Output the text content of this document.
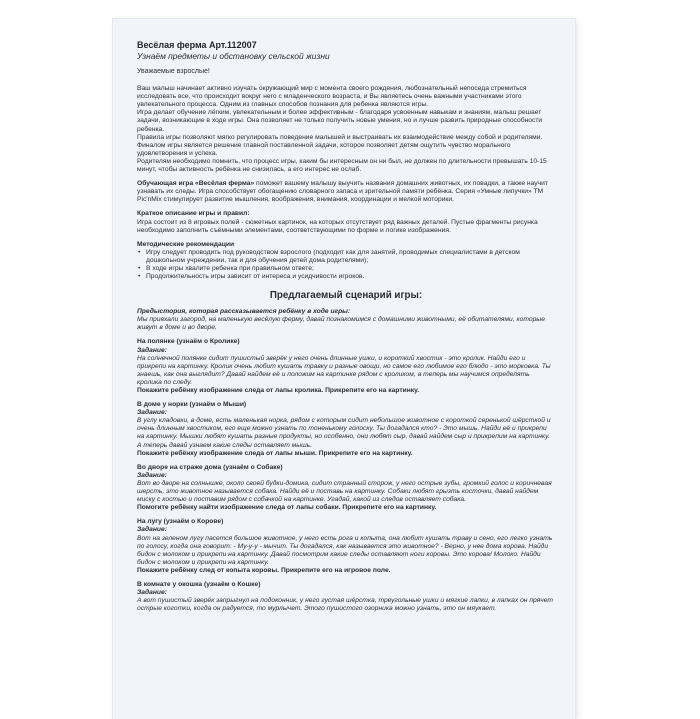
Весёлая ферма Арт.112007

Узнаём предметы и обстановку сельской жизни

Уважаемые взрослые!

Ваш малыш начинает активно изучать окружающий мир с момента своего рождения, любознательный непоседа стремиться исследовать все, что происходит вокруг него с младенческого возраста, и Вы являетесь очень важными участниками этого увлекательного процесса. Одним из главных способов познания для ребенка являются игры.

Игра делает обучение лёгким, увлекательным и более эффективным - благодаря усвоенным навыкам и знаниям, малыш решает задачи, возникающие в ходе игры. Она позволяет не только получить новые умения, но и лучше развить природные способности ребенка.

Правила игры позволяют мягко регулировать поведение малышей и выстраивать их взаимодействие между собой и родителями. Финалом игры является решение главной поставленной задачи, которое позволяет детям ощутить чувство морального удовлетворения и успеха.

Родителям необходимо помнить, что процесс игры, каким бы интересным он ни был, не должен по длительности превышать 10-15 минут, чтобы активность ребёнка не снизилась, а его интерес не ослаб.

Обучающая игра «Весёлая ферма» поможет вашему малышу выучить названия домашних животных, их повадки, а также научит узнавать их следы. Игра способствует обогащению словарного запаса и зрительной памяти ребёнка. Серия «Умные липучки» ТМ Pic'nMix стимулирует развитие мышления, воображения, внимания, координации и мелкой моторики.

Краткое описание игры и правил:

Игра состоит из 8 игровых полей - сюжетных картинок, на которых отсутствует ряд важных деталей. Пустые фрагменты рисунка необходимо заполнить съёмными элементами, соответствующими по форме и логике изображения.

Методические рекомендации

• Игру следует проводить под руководством взрослого (подходит как для занятий, проводимых специалистами в детском дошкольном учреждении, так и для обучения детей дома родителями);
• В ходе игры хвалите ребенка при правильном ответе;
• Продолжительность игры зависит от интереса и усидчивости игроков.

Предлагаемый сценарий игры:

Предыстория, которая рассказывается ребёнку в ходе игры:

Мы приехали загород, на маленькую весёлую ферму, давай познакомимся с домашними животными, её обитателями, которые живут в доме и во дворе.

На полянке (узнаём о Кролике)

Задание:

На солнечной полянке сидит пушистый зверёк у него очень длинные ушки, и короткий хвостик - это кролик. Найди его и прикрепи на картинку. Кролик очень любит кушать травку и разные овощи, но самое его любимое его блюдо - это морковка. Ты знаешь, как она выглядит? Давай найдем её и положим на картинке рядом с кроликом, а теперь мы научимся определять кролика по следу.

Покажите ребёнку изображение следа от лапы кролика. Прикрепите его на картинку.

В доме у норки (узнаём о Мыши)

Задание:

В углу кладовки, в доме, есть маленькая норка, рядом с которым сидит небольшое животное с короткой серенькой шёрсткой и очень длинным хвостиком, его еще можно узнать по тоненькому голоску. Ты догадался кто? - Это мышь. Найди её и прикрепи на картинку. Мышки любят кушать разные продукты, но особенно, они любят сыр, давай найдем сыр и прикрепим на картинку. А теперь давай узнаем какие следы оставляет мышь.

Покажите ребёнку изображение следа от лапы мыши. Прикрепите его на картинку.

Во дворе на страже дома (узнаём о Собаке)

Задание:

Вот во дворе на солнышке, около своей будки-домика, сидит странный сторож, у него острые зубы, громкий голос и коричневая шерсть, это животное называется собака. Найди её и поставь на картинку. Собаки любят грызть косточки, давай найдем миску с костью и поставим рядом с собачкой на картинке. Угадай, какой из следов оставляет собака.

Помогите ребёнку найти изображение следа от лапы собаки. Прикрепите его на картинку.

На лугу (узнаём о Корове)

Задание:

Вот на зеленом лугу пасется большое животное, у него есть рога и копыта, она любит кушать траву и сено, его легко узнать по голосу, когда она говорит: - Му-у-у - мычит. Ты догадался, как называется это животное? - Верно, у нее дома корова. Найди бидон с молоком и прикрепи на картинку. Давай посмотрим какие следы оставляют ноги коровы. Это корова! Молоко. Найди бидон с молоком и прикрепи на картинку.

Покажите ребёнку след от копыта коровы. Прикрепите его на игровое поле.

В комнате у окошка (узнаём о Кошке)

Задание:

А вот пушистый зверёк запрыгнул на подоконник, у него густая шёрстка, треугольные ушки и мягкие лапки, в лапках он прячет острые коготки, когда он радуется, то мурлычет. Этого пушистого озорника можно узнать, это он мяукает.
